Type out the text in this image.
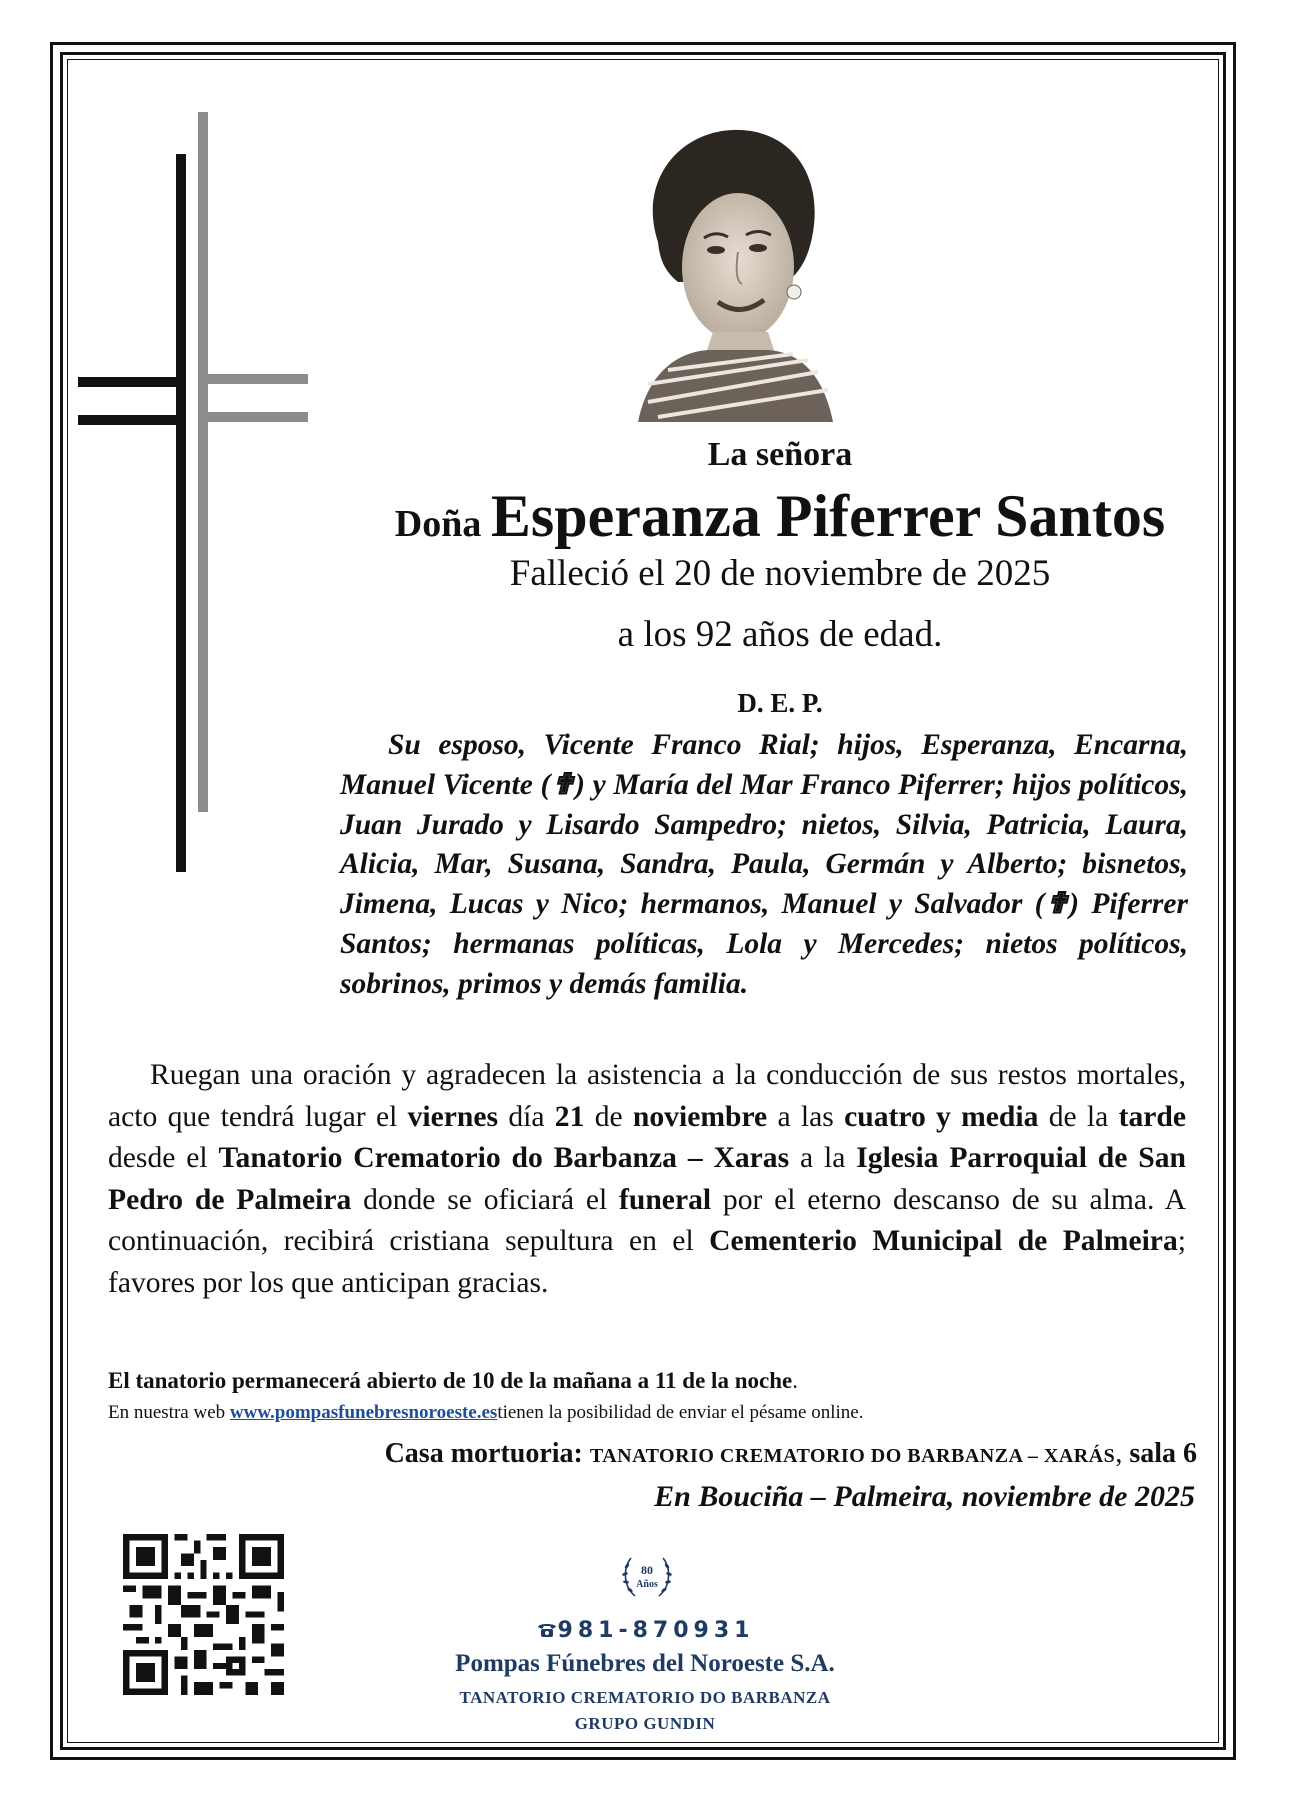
La señora
Doña Esperanza Piferrer Santos
Falleció el 20 de noviembre de 2025
a los 92 años de edad.
D. E. P.
Su esposo, Vicente Franco Rial; hijos, Esperanza, Encarna, Manuel Vicente (✟) y María del Mar Franco Piferrer; hijos políticos, Juan Jurado y Lisardo Sampedro; nietos, Silvia, Patricia, Laura, Alicia, Mar, Susana, Sandra, Paula, Germán y Alberto; bisnetos, Jimena, Lucas y Nico; hermanos, Manuel y Salvador (✟) Piferrer Santos; hermanas políticas, Lola y Mercedes; nietos políticos, sobrinos, primos y demás familia.
Ruegan una oración y agradecen la asistencia a la conducción de sus restos mortales, acto que tendrá lugar el viernes día 21 de noviembre a las cuatro y media de la tarde desde el Tanatorio Crematorio do Barbanza – Xaras a la Iglesia Parroquial de San Pedro de Palmeira donde se oficiará el funeral por el eterno descanso de su alma. A continuación, recibirá cristiana sepultura en el Cementerio Municipal de Palmeira; favores por los que anticipan gracias.
El tanatorio permanecerá abierto de 10 de la mañana a 11 de la noche.
En nuestra web www.pompasfunebresnoroeste.estienen la posibilidad de enviar el pésame online.
Casa mortuoria: TANATORIO CREMATORIO DO BARBANZA – XARÁS, sala 6
En Bouciña – Palmeira, noviembre de 2025
80
Años
981-870931
Pompas Fúnebres del Noroeste S.A.
TANATORIO CREMATORIO DO BARBANZA
GRUPO GUNDIN
